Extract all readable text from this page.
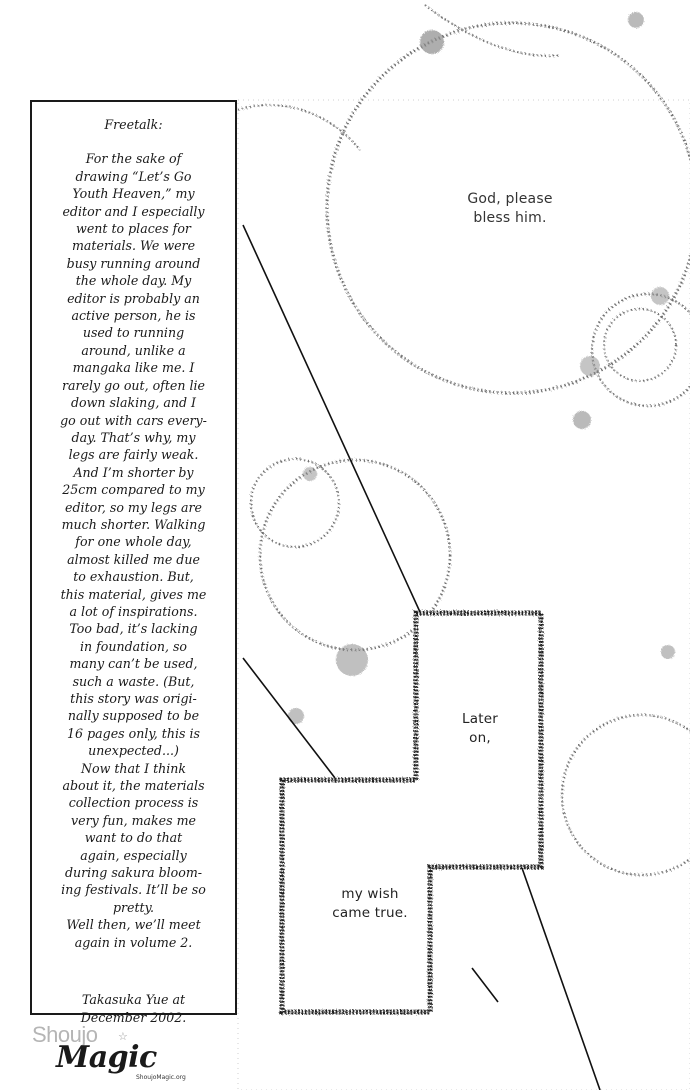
Freetalk:
For the sake of
drawing “Let’s Go
Youth Heaven,” my
editor and I especially
went to places for
materials. We were
busy running around
the whole day. My
editor is probably an
active person, he is
used to running
around, unlike a
mangaka like me. I
rarely go out, often lie
down slaking, and I
go out with cars every-
day. That’s why, my
legs are fairly weak.
And I’m shorter by
25cm compared to my
editor, so my legs are
much shorter. Walking
for one whole day,
almost killed me due
to exhaustion. But,
this material, gives me
a lot of inspirations.
Too bad, it’s lacking
in foundation, so
many can’t be used,
such a waste. (But,
this story was origi-
nally supposed to be
16 pages only, this is
unexpected...)
Now that I think
about it, the materials
collection process is
very fun, makes me
want to do that
again, especially
during sakura bloom-
ing festivals. It’ll be so
pretty.
Well then, we’ll meet
again in volume 2.
Takasuka Yue at
December 2002.
God, please
bless him.
Later
on,
my wish
came true.
Shoujo ☆
Magic
ShoujoMagic.org
